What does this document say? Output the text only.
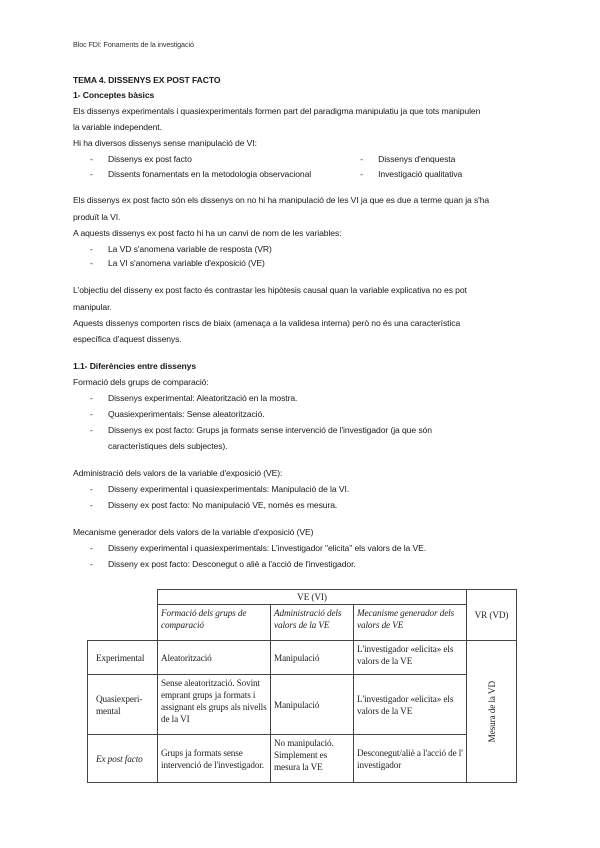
Bloc FDI: Fonaments de la investigació
TEMA 4. DISSENYS EX POST FACTO
1- Conceptes bàsics
Els dissenys experimentals i quasiexperimentals formen part del paradigma manipulatiu ja que tots manipulen
la variable independent.
Hi ha diversos dissenys sense manipulació de VI:
- Dissenys ex post facto	- Dissenys d'enquesta
- Dissents fonamentats en la metodologia observacional	- Investigació qualitativa
Els dissenys ex post facto són els dissenys on no hi ha manipulació de les VI ja que es due a terme quan ja s'ha
produït la VI.
A aquests dissenys ex post facto hi ha un canvi de nom de les variables:
- La VD s'anomena variable de resposta (VR)
- La VI s'anomena variable d'exposició (VE)
L'objectiu del disseny ex post facto és contrastar les hipòtesis causal quan la variable explicativa no es pot
manipular.
Aquests dissenys comporten riscs de biaix (amenaça a la validesa interna) però no és una característica
específica d'aquest dissenys.
1.1- Diferències entre dissenys
Formació dels grups de comparació:
- Dissenys experimental: Aleatorització en la mostra.
- Quasiexperimentals: Sense aleatorització.
- Dissenys ex post facto: Grups ja formats sense intervenció de l'investigador (ja que són
característiques dels subjectes).
Administració dels valors de la variable d'exposició (VE):
- Disseny experimental i quasiexperimentals: Manipulació de la VI.
- Disseny ex post facto: No manipulació VE, només es mesura.
Mecanisme generador dels valors de la variable d'exposició (VE)
- Disseny experimental i quasiexperimentals: L'investigador "elicita" els valors de la VE.
- Disseny ex post facto: Desconegut o aliè a l'acció de l'investigador.
	VE (VI)			VR (VD)
	Formació dels grups de comparació	Administració dels valors de la VE	Mecanisme generador dels valors de VE	
Experimental	Aleatorització	Manipulació	L'investigador «elicita» els valors de la VE	Mesura de la VD

Quasiexperi-mental	Sense aleatorització. Sovint emprant grups ja formats i assignant els grups als nivells de la VI	Manipulació	L'investigador «elicita» els valors de la VE	
Ex post facto	Grups ja formats sense intervenció de l'investigador.	No manipulació. Simplement es mesura la VE	Desconegut/aliè a l'acció de l' investigador	
